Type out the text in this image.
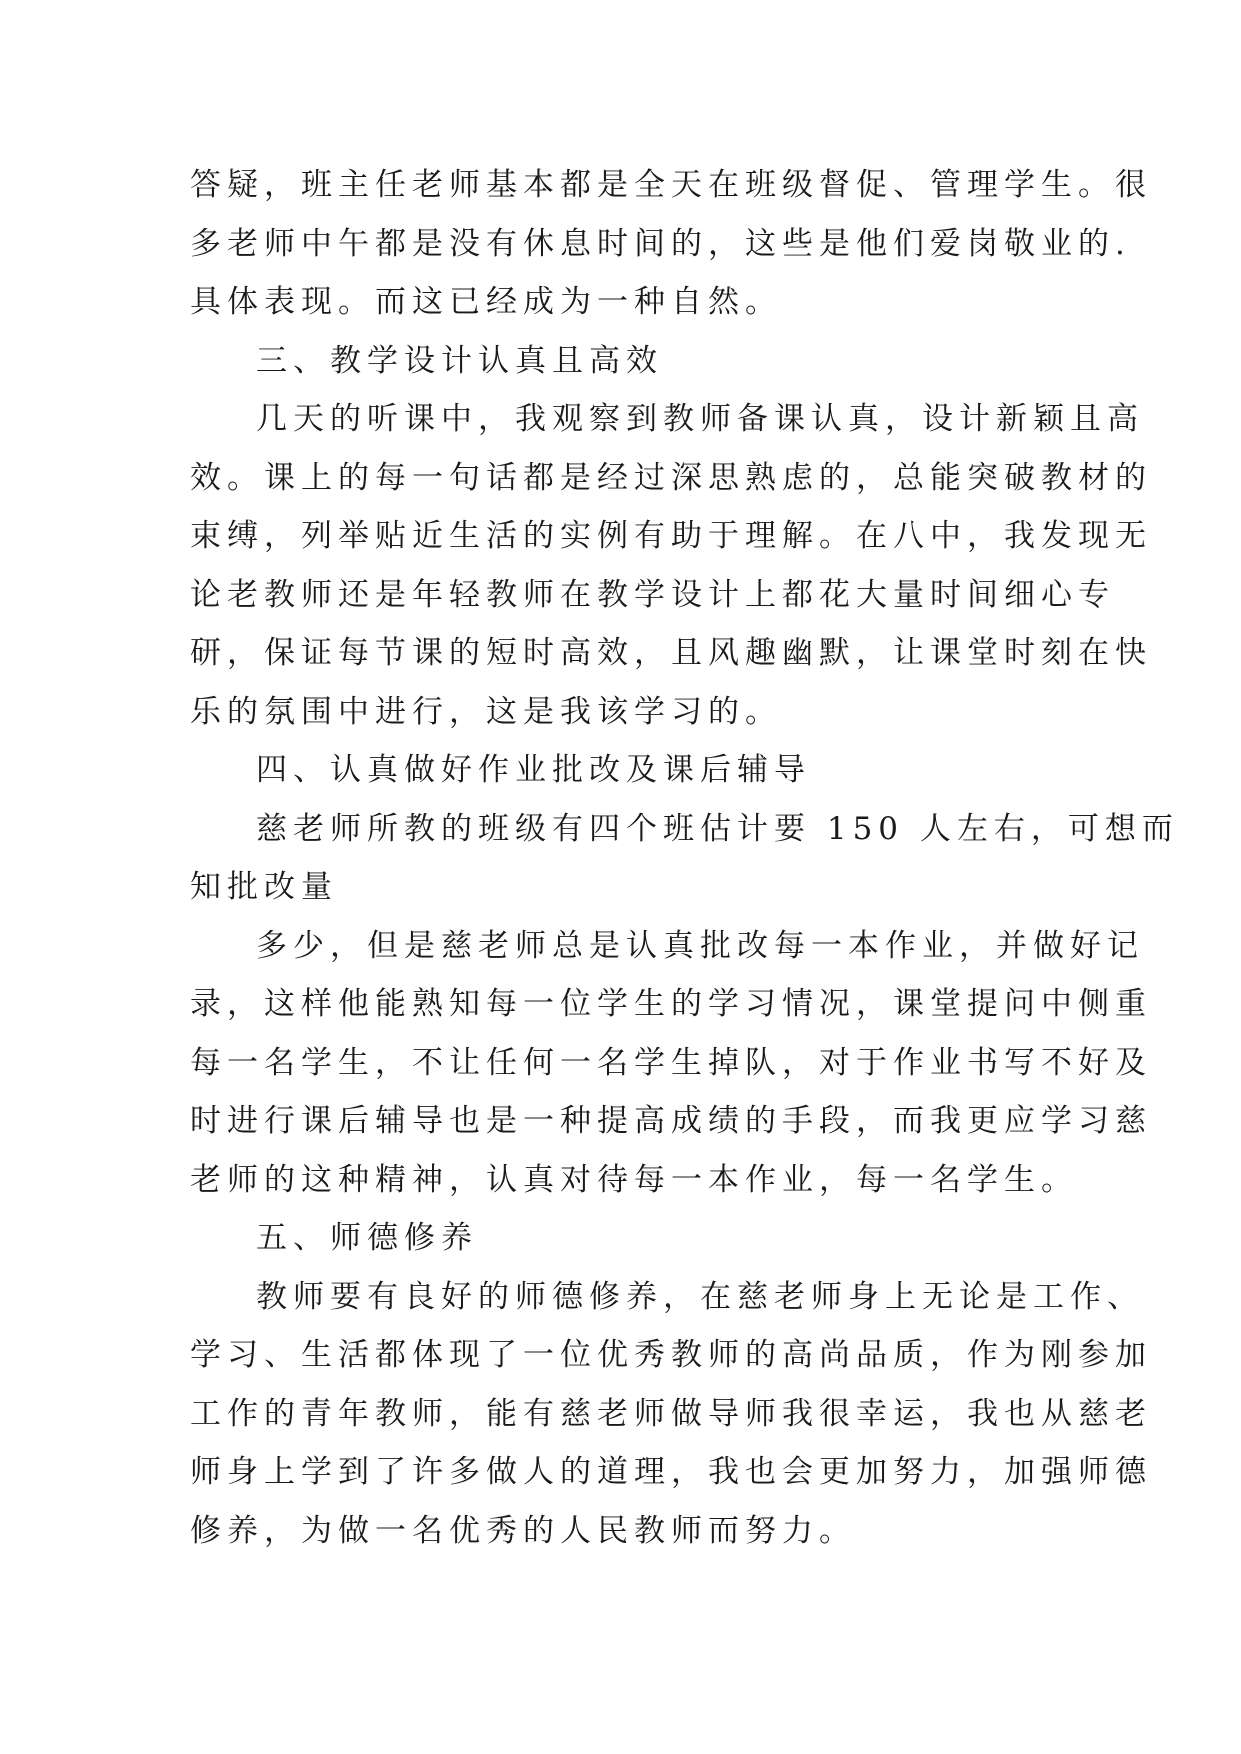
答疑，班主任老师基本都是全天在班级督促、管理学生。很
多老师中午都是没有休息时间的，这些是他们爱岗敬业的.
具体表现。而这已经成为一种自然。
三、教学设计认真且高效
几天的听课中，我观察到教师备课认真，设计新颖且高
效。课上的每一句话都是经过深思熟虑的，总能突破教材的
束缚，列举贴近生活的实例有助于理解。在八中，我发现无
论老教师还是年轻教师在教学设计上都花大量时间细心专
研，保证每节课的短时高效，且风趣幽默，让课堂时刻在快
乐的氛围中进行，这是我该学习的。
四、认真做好作业批改及课后辅导
慈老师所教的班级有四个班估计要 150 人左右，可想而
知批改量
多少，但是慈老师总是认真批改每一本作业，并做好记
录，这样他能熟知每一位学生的学习情况，课堂提问中侧重
每一名学生，不让任何一名学生掉队，对于作业书写不好及
时进行课后辅导也是一种提高成绩的手段，而我更应学习慈
老师的这种精神，认真对待每一本作业，每一名学生。
五、师德修养
教师要有良好的师德修养，在慈老师身上无论是工作、
学习、生活都体现了一位优秀教师的高尚品质，作为刚参加
工作的青年教师，能有慈老师做导师我很幸运，我也从慈老
师身上学到了许多做人的道理，我也会更加努力，加强师德
修养，为做一名优秀的人民教师而努力。
